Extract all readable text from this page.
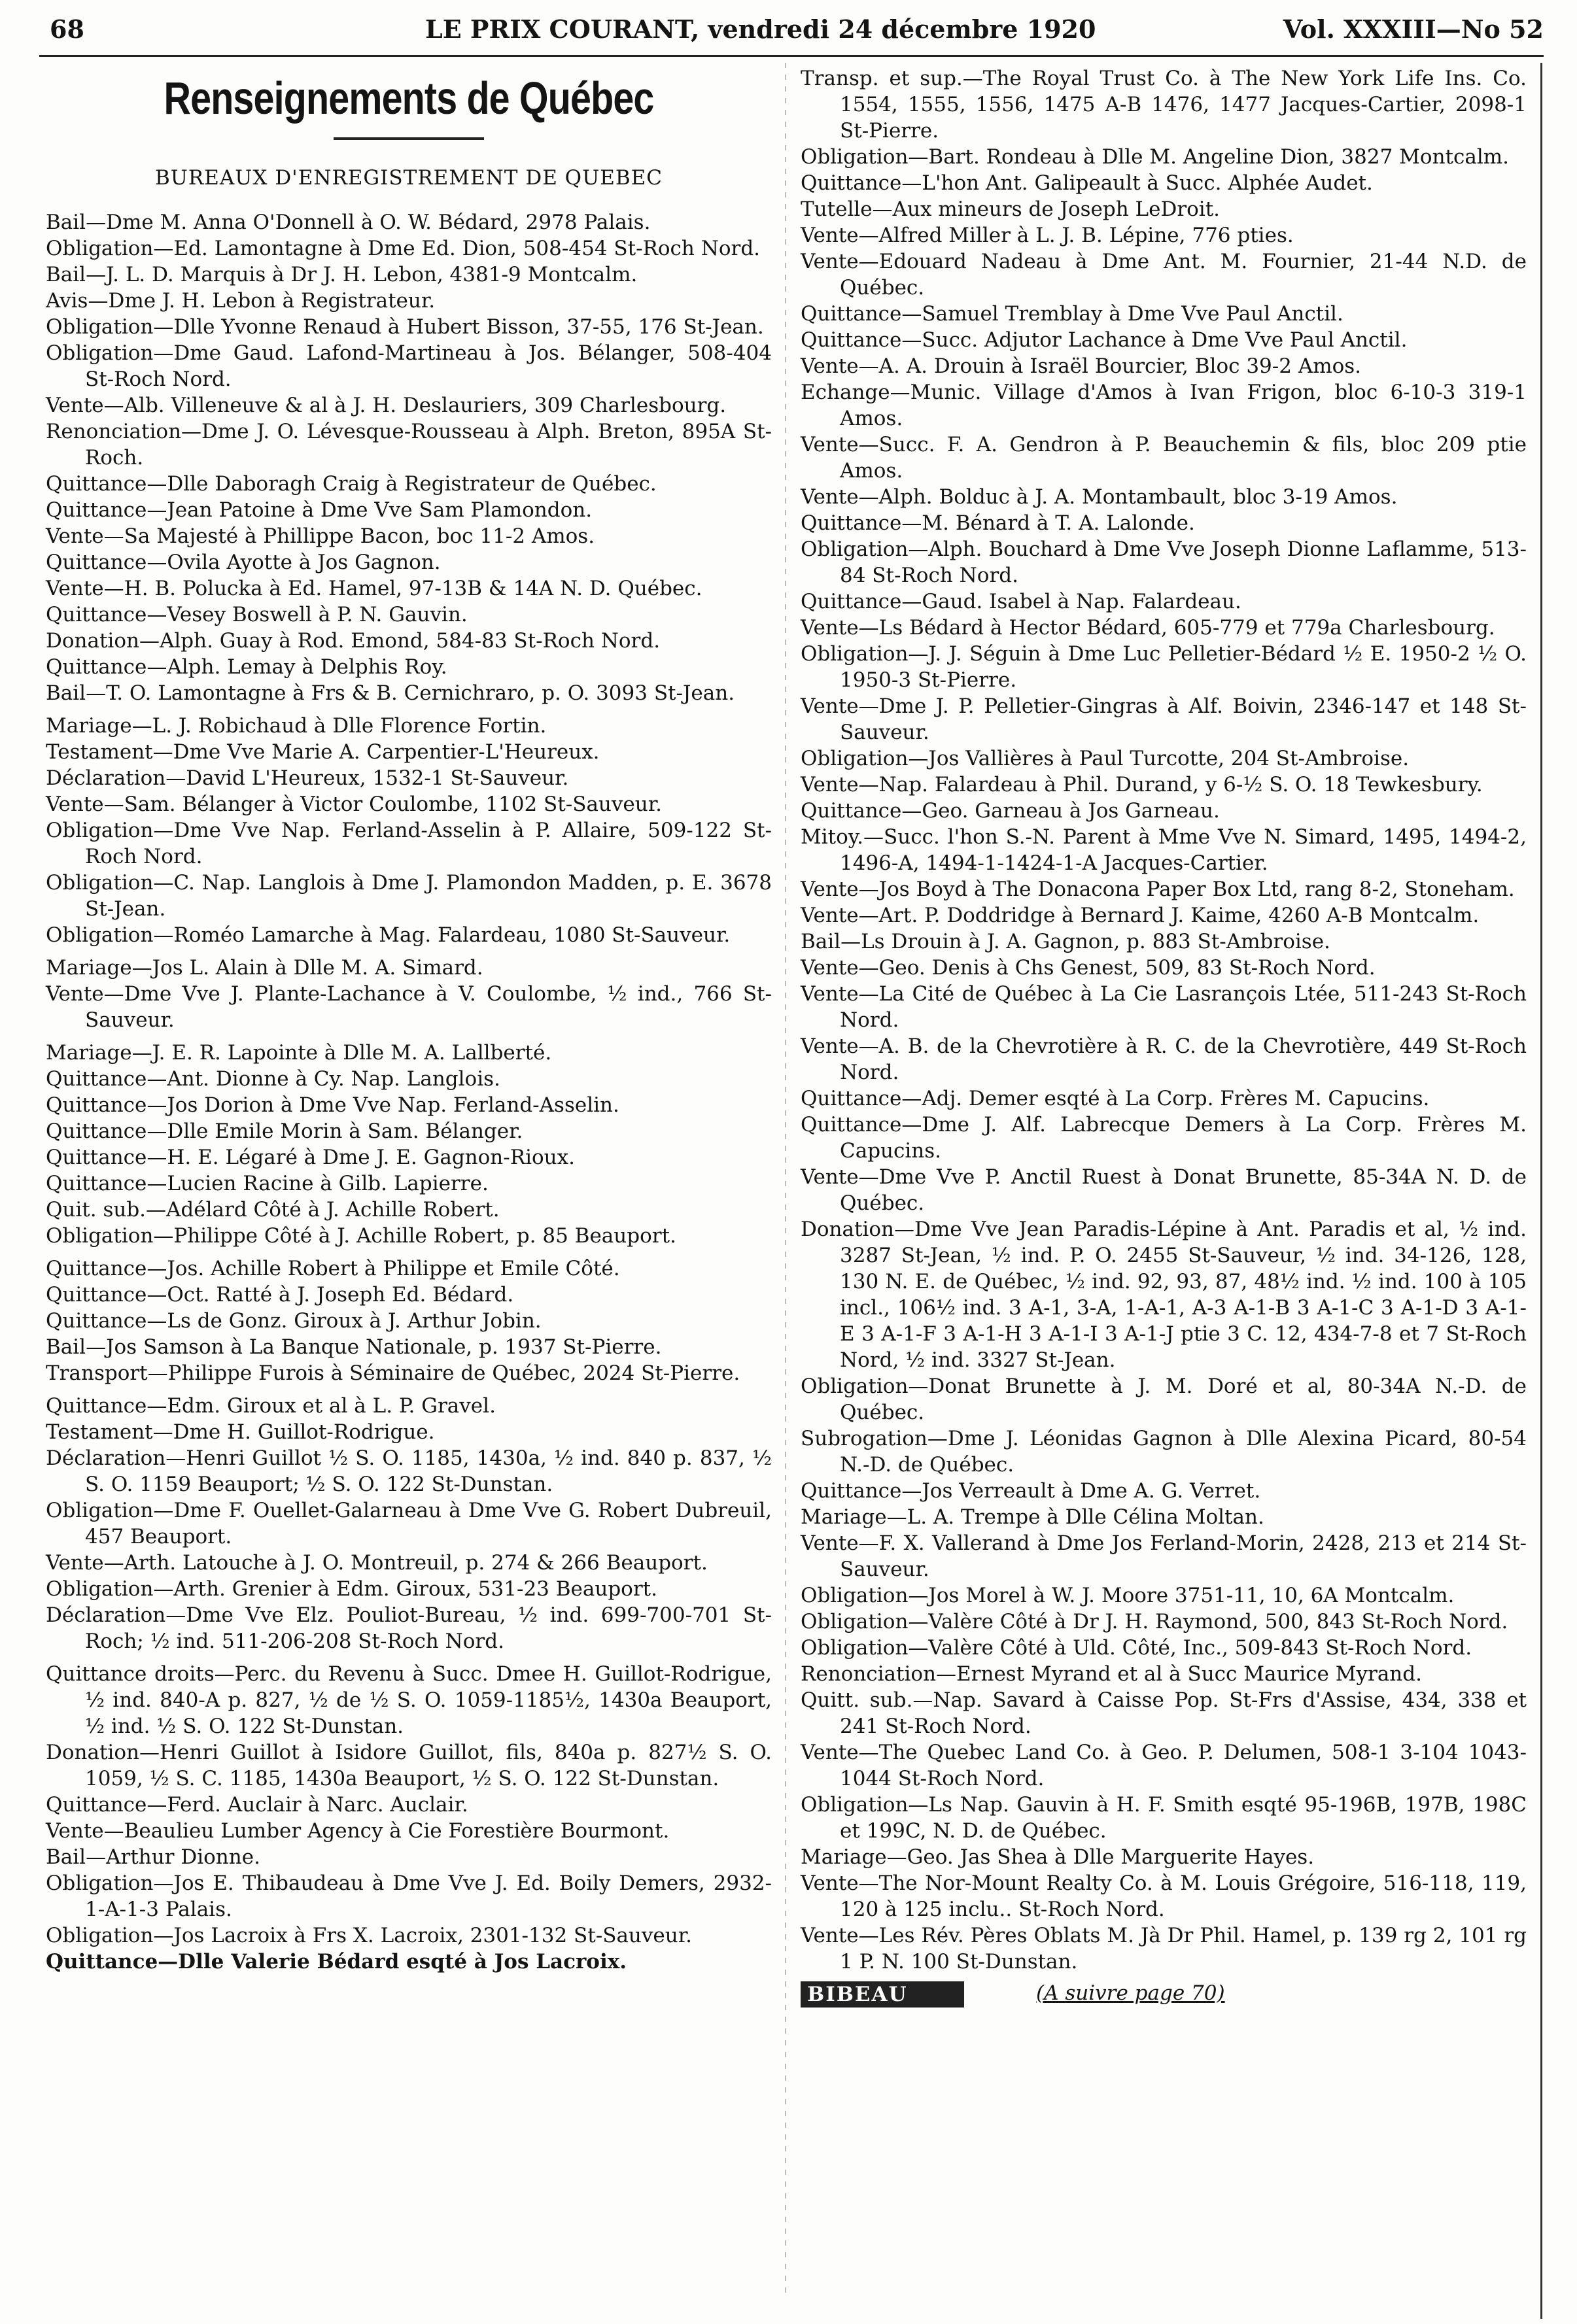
68	LE PRIX COURANT, vendredi 24 décembre 1920	Vol. XXXIII—No 52
Renseignements de Québec
BUREAUX D'ENREGISTREMENT DE QUEBEC

Bail—Dme M. Anna O'Donnell à O. W. Bédard, 2978 Palais.

Obligation—Ed. Lamontagne à Dme Ed. Dion, 508-454 St-Roch Nord.

Bail—J. L. D. Marquis à Dr J. H. Lebon, 4381-9 Montcalm.

Avis—Dme J. H. Lebon à Registrateur.

Obligation—Dlle Yvonne Renaud à Hubert Bisson, 37-55, 176 St-Jean.

Obligation—Dme Gaud. Lafond-Martineau à Jos. Bélanger, 508-404 St-Roch Nord.

Vente—Alb. Villeneuve & al à J. H. Deslauriers, 309 Charlesbourg.

Renonciation—Dme J. O. Lévesque-Rousseau à Alph. Breton, 895A St-Roch.

Quittance—Dlle Daboragh Craig à Registrateur de Québec.

Quittance—Jean Patoine à Dme Vve Sam Plamondon.

Vente—Sa Majesté à Phillippe Bacon, boc 11-2 Amos.

Quittance—Ovila Ayotte à Jos Gagnon.

Vente—H. B. Polucka à Ed. Hamel, 97-13B & 14A N. D. Québec.

Quittance—Vesey Boswell à P. N. Gauvin.

Donation—Alph. Guay à Rod. Emond, 584-83 St-Roch Nord.

Quittance—Alph. Lemay à Delphis Roy.

Bail—T. O. Lamontagne à Frs & B. Cernichraro, p. O. 3093 St-Jean.

Mariage—L. J. Robichaud à Dlle Florence Fortin.

Testament—Dme Vve Marie A. Carpentier-L'Heureux.

Déclaration—David L'Heureux, 1532-1 St-Sauveur.

Vente—Sam. Bélanger à Victor Coulombe, 1102 St-Sauveur.

Obligation—Dme Vve Nap. Ferland-Asselin à P. Allaire, 509-122 St-Roch Nord.

Obligation—C. Nap. Langlois à Dme J. Plamondon Madden, p. E. 3678 St-Jean.

Obligation—Roméo Lamarche à Mag. Falardeau, 1080 St-Sauveur.

Mariage—Jos L. Alain à Dlle M. A. Simard.

Vente—Dme Vve J. Plante-Lachance à V. Coulombe, ½ ind., 766 St-Sauveur.

Mariage—J. E. R. Lapointe à Dlle M. A. Lallberté.

Quittance—Ant. Dionne à Cy. Nap. Langlois.

Quittance—Jos Dorion à Dme Vve Nap. Ferland-Asselin.

Quittance—Dlle Emile Morin à Sam. Bélanger.

Quittance—H. E. Légaré à Dme J. E. Gagnon-Rioux.

Quittance—Lucien Racine à Gilb. Lapierre.

Quit. sub.—Adélard Côté à J. Achille Robert.

Obligation—Philippe Côté à J. Achille Robert, p. 85 Beauport.

Quittance—Jos. Achille Robert à Philippe et Emile Côté.

Quittance—Oct. Ratté à J. Joseph Ed. Bédard.

Quittance—Ls de Gonz. Giroux à J. Arthur Jobin.

Bail—Jos Samson à La Banque Nationale, p. 1937 St-Pierre.

Transport—Philippe Furois à Séminaire de Québec, 2024 St-Pierre.

Quittance—Edm. Giroux et al à L. P. Gravel.

Testament—Dme H. Guillot-Rodrigue.

Déclaration—Henri Guillot ½ S. O. 1185, 1430a, ½ ind. 840 p. 837, ½ S. O. 1159 Beauport; ½ S. O. 122 St-Dunstan.

Obligation—Dme F. Ouellet-Galarneau à Dme Vve G. Robert Dubreuil, 457 Beauport.

Vente—Arth. Latouche à J. O. Montreuil, p. 274 & 266 Beauport.

Obligation—Arth. Grenier à Edm. Giroux, 531-23 Beauport.

Déclaration—Dme Vve Elz. Pouliot-Bureau, ½ ind. 699-700-701 St-Roch; ½ ind. 511-206-208 St-Roch Nord.

Quittance droits—Perc. du Revenu à Succ. Dmee H. Guillot-Rodrigue, ½ ind. 840-A p. 827, ½ de ½ S. O. 1059-1185½, 1430a Beauport, ½ ind. ½ S. O. 122 St-Dunstan.

Donation—Henri Guillot à Isidore Guillot, fils, 840a p. 827½ S. O. 1059, ½ S. C. 1185, 1430a Beauport, ½ S. O. 122 St-Dunstan.

Quittance—Ferd. Auclair à Narc. Auclair.

Vente—Beaulieu Lumber Agency à Cie Forestière Bourmont.

Bail—Arthur Dionne.

Obligation—Jos E. Thibaudeau à Dme Vve J. Ed. Boily Demers, 2932-1-A-1-3 Palais.

Obligation—Jos Lacroix à Frs X. Lacroix, 2301-132 St-Sauveur.

Quittance—Dlle Valerie Bédard esqté à Jos Lacroix.

Transp. et sup.—The Royal Trust Co. à The New York Life Ins. Co. 1554, 1555, 1556, 1475 A-B 1476, 1477 Jacques-Cartier, 2098-1 St-Pierre.

Obligation—Bart. Rondeau à Dlle M. Angeline Dion, 3827 Montcalm.

Quittance—L'hon Ant. Galipeault à Succ. Alphée Audet.

Tutelle—Aux mineurs de Joseph LeDroit.

Vente—Alfred Miller à L. J. B. Lépine, 776 pties.

Vente—Edouard Nadeau à Dme Ant. M. Fournier, 21-44 N.D. de Québec.

Quittance—Samuel Tremblay à Dme Vve Paul Anctil.

Quittance—Succ. Adjutor Lachance à Dme Vve Paul Anctil.

Vente—A. A. Drouin à Israël Bourcier, Bloc 39-2 Amos.

Echange—Munic. Village d'Amos à Ivan Frigon, bloc 6-10-3 319-1 Amos.

Vente—Succ. F. A. Gendron à P. Beauchemin & fils, bloc 209 ptie Amos.

Vente—Alph. Bolduc à J. A. Montambault, bloc 3-19 Amos.

Quittance—M. Bénard à T. A. Lalonde.

Obligation—Alph. Bouchard à Dme Vve Joseph Dionne Laflamme, 513-84 St-Roch Nord.

Quittance—Gaud. Isabel à Nap. Falardeau.

Vente—Ls Bédard à Hector Bédard, 605-779 et 779a Charlesbourg.

Obligation—J. J. Séguin à Dme Luc Pelletier-Bédard ½ E. 1950-2 ½ O. 1950-3 St-Pierre.

Vente—Dme J. P. Pelletier-Gingras à Alf. Boivin, 2346-147 et 148 St-Sauveur.

Obligation—Jos Vallières à Paul Turcotte, 204 St-Ambroise.

Vente—Nap. Falardeau à Phil. Durand, y 6-½ S. O. 18 Tewkesbury.

Quittance—Geo. Garneau à Jos Garneau.

Mitoy.—Succ. l'hon S.-N. Parent à Mme Vve N. Simard, 1495, 1494-2, 1496-A, 1494-1-1424-1-A Jacques-Cartier.

Vente—Jos Boyd à The Donacona Paper Box Ltd, rang 8-2, Stoneham.

Vente—Art. P. Doddridge à Bernard J. Kaime, 4260 A-B Montcalm.

Bail—Ls Drouin à J. A. Gagnon, p. 883 St-Ambroise.

Vente—Geo. Denis à Chs Genest, 509, 83 St-Roch Nord.

Vente—La Cité de Québec à La Cie Lasrançois Ltée, 511-243 St-Roch Nord.

Vente—A. B. de la Chevrotière à R. C. de la Chevrotière, 449 St-Roch Nord.

Quittance—Adj. Demer esqté à La Corp. Frères M. Capucins.

Quittance—Dme J. Alf. Labrecque Demers à La Corp. Frères M. Capucins.

Vente—Dme Vve P. Anctil Ruest à Donat Brunette, 85-34A N. D. de Québec.

Donation—Dme Vve Jean Paradis-Lépine à Ant. Paradis et al, ½ ind. 3287 St-Jean, ½ ind. P. O. 2455 St-Sauveur, ½ ind. 34-126, 128, 130 N. E. de Québec, ½ ind. 92, 93, 87, 48½ ind. ½ ind. 100 à 105 incl., 106½ ind. 3 A-1, 3-A, 1-A-1, A-3 A-1-B 3 A-1-C 3 A-1-D 3 A-1-E 3 A-1-F 3 A-1-H 3 A-1-I 3 A-1-J ptie 3 C. 12, 434-7-8 et 7 St-Roch Nord, ½ ind. 3327 St-Jean.

Obligation—Donat Brunette à J. M. Doré et al, 80-34A N.-D. de Québec.

Subrogation—Dme J. Léonidas Gagnon à Dlle Alexina Picard, 80-54 N.-D. de Québec.

Quittance—Jos Verreault à Dme A. G. Verret.

Mariage—L. A. Trempe à Dlle Célina Moltan.

Vente—F. X. Vallerand à Dme Jos Ferland-Morin, 2428, 213 et 214 St-Sauveur.

Obligation—Jos Morel à W. J. Moore 3751-11, 10, 6A Montcalm.

Obligation—Valère Côté à Dr J. H. Raymond, 500, 843 St-Roch Nord.

Obligation—Valère Côté à Uld. Côté, Inc., 509-843 St-Roch Nord.

Renonciation—Ernest Myrand et al à Succ Maurice Myrand.

Quitt. sub.—Nap. Savard à Caisse Pop. St-Frs d'Assise, 434, 338 et 241 St-Roch Nord.

Vente—The Quebec Land Co. à Geo. P. Delumen, 508-1 3-104 1043-1044 St-Roch Nord.

Obligation—Ls Nap. Gauvin à H. F. Smith esqté 95-196B, 197B, 198C et 199C, N. D. de Québec.

Mariage—Geo. Jas Shea à Dlle Marguerite Hayes.

Vente—The Nor-Mount Realty Co. à M. Louis Grégoire, 516-118, 119, 120 à 125 inclu.. St-Roch Nord.

Vente—Les Rév. Pères Oblats M. Jà Dr Phil. Hamel, p. 139 rg 2, 101 rg 1 P. N. 100 St-Dunstan.

BIBEAU	(A suivre page 70)
